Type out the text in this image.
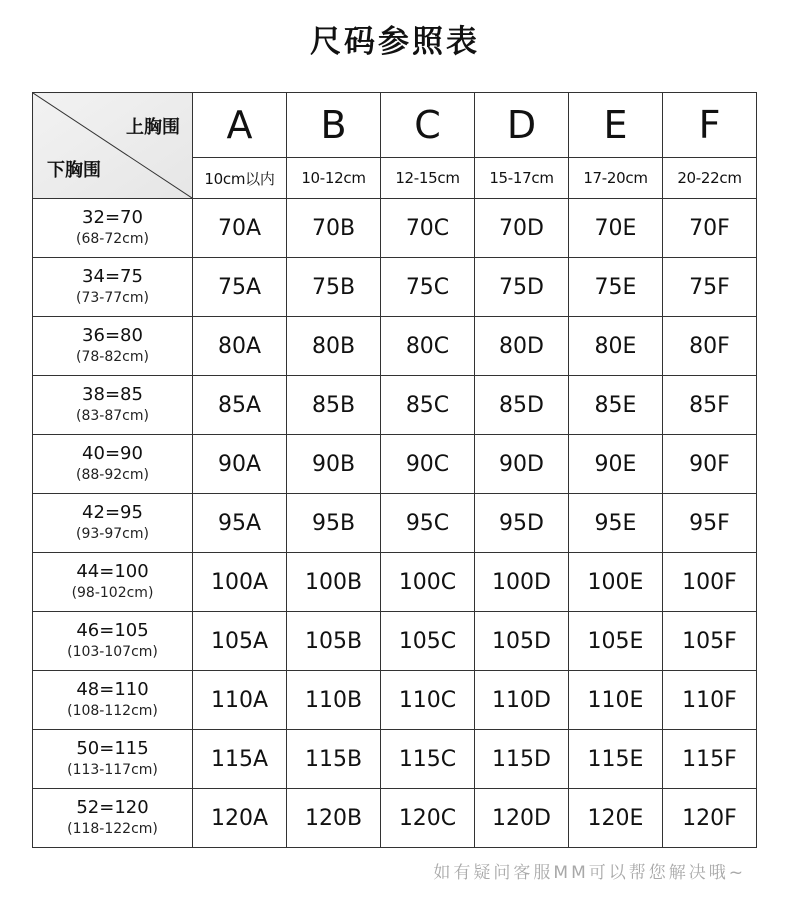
尺码参照表
上胸围
下胸围	A	B	C	D	E	F
	10cm以内	10-12cm	12-15cm	15-17cm	17-20cm	20-22cm

32=70
(68-72cm)	70A	70B	70C	70D	70E	70F

34=75
(73-77cm)	75A	75B	75C	75D	75E	75F

36=80
(78-82cm)	80A	80B	80C	80D	80E	80F

38=85
(83-87cm)	85A	85B	85C	85D	85E	85F

40=90
(88-92cm)	90A	90B	90C	90D	90E	90F

42=95
(93-97cm)	95A	95B	95C	95D	95E	95F

44=100
(98-102cm)	100A	100B	100C	100D	100E	100F

46=105
(103-107cm)	105A	105B	105C	105D	105E	105F

48=110
(108-112cm)	110A	110B	110C	110D	110E	110F

50=115
(113-117cm)	115A	115B	115C	115D	115E	115F

52=120
(118-122cm)	120A	120B	120C	120D	120E	120F
如有疑问客服MM可以帮您解决哦~
